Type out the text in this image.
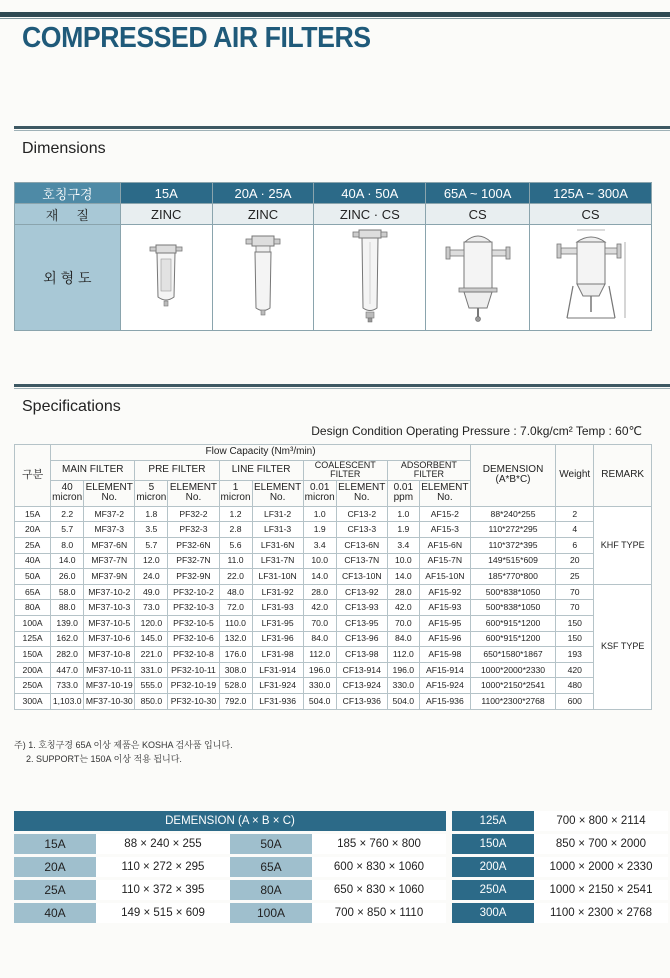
COMPRESSED AIR FILTERS
Dimensions
호칭구경	15A	20A · 25A	40A · 50A	65A ~ 100A	125A ~ 300A
재     질	ZINC	ZINC	ZINC · CS	CS	CS
외 형 도					
Specifications
Design Condition Operating Pressure : 7.0kg/cm² Temp : 60℃
구분	Flow Capacity (Nm³/min)										DEMENSION (A*B*C)	Weight	REMARK
	MAIN FILTER		PRE FILTER		LINE FILTER		COALESCENT FILTER		ADSORBENT FILTER				
	40 micron	ELEMENT No.	5 micron	ELEMENT No.	1 micron	ELEMENT No.	0.01 micron	ELEMENT No.	0.01 ppm	ELEMENT No.			
15A	2.2	MF37-2	1.8	PF32-2	1.2	LF31-2	1.0	CF13-2	1.0	AF15-2	88*240*255	2	KHF TYPE
20A	5.7	MF37-3	3.5	PF32-3	2.8	LF31-3	1.9	CF13-3	1.9	AF15-3	110*272*295	4	
25A	8.0	MF37-6N	5.7	PF32-6N	5.6	LF31-6N	3.4	CF13-6N	3.4	AF15-6N	110*372*395	6	
40A	14.0	MF37-7N	12.0	PF32-7N	11.0	LF31-7N	10.0	CF13-7N	10.0	AF15-7N	149*515*609	20	
50A	26.0	MF37-9N	24.0	PF32-9N	22.0	LF31-10N	14.0	CF13-10N	14.0	AF15-10N	185*770*800	25	
65A	58.0	MF37-10-2	49.0	PF32-10-2	48.0	LF31-92	28.0	CF13-92	28.0	AF15-92	500*838*1050	70	KSF TYPE
80A	88.0	MF37-10-3	73.0	PF32-10-3	72.0	LF31-93	42.0	CF13-93	42.0	AF15-93	500*838*1050	70	
100A	139.0	MF37-10-5	120.0	PF32-10-5	110.0	LF31-95	70.0	CF13-95	70.0	AF15-95	600*915*1200	150	
125A	162.0	MF37-10-6	145.0	PF32-10-6	132.0	LF31-96	84.0	CF13-96	84.0	AF15-96	600*915*1200	150	
150A	282.0	MF37-10-8	221.0	PF32-10-8	176.0	LF31-98	112.0	CF13-98	112.0	AF15-98	650*1580*1867	193	
200A	447.0	MF37-10-11	331.0	PF32-10-11	308.0	LF31-914	196.0	CF13-914	196.0	AF15-914	1000*2000*2330	420	
250A	733.0	MF37-10-19	555.0	PF32-10-19	528.0	LF31-924	330.0	CF13-924	330.0	AF15-924	1000*2150*2541	480	
300A	1,103.0	MF37-10-30	850.0	PF32-10-30	792.0	LF31-936	504.0	CF13-936	504.0	AF15-936	1100*2300*2768	600	
주) 1. 호칭구경 65A 이상 제품은 KOSHA 검사품 입니다.
2. SUPPORT는 150A 이상 적용 됩니다.
DEMENSION (A × B × C)					125A	700 × 800 × 2114
15A	88 × 240 × 255	50A	185 × 760 × 800		150A	850 × 700 × 2000
20A	110 × 272 × 295	65A	600 × 830 × 1060		200A	1000 × 2000 × 2330
25A	110 × 372 × 395	80A	650 × 830 × 1060		250A	1000 × 2150 × 2541
40A	149 × 515 × 609	100A	700 × 850 × 1110		300A	1100 × 2300 × 2768
